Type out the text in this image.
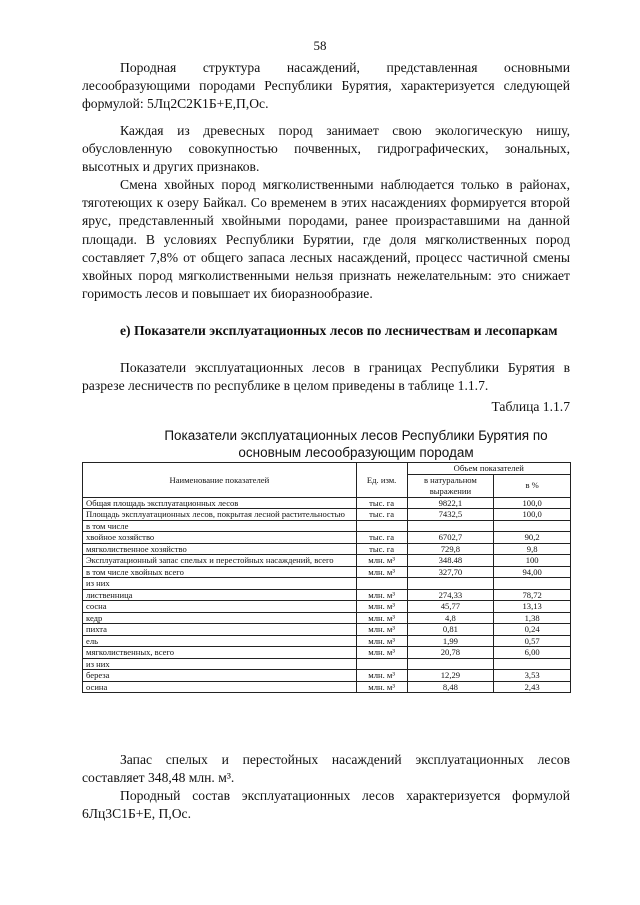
58

Породная структура насаждений, представленная основными лесообразующими породами Республики Бурятия, характеризуется следующей формулой: 5Лц2С2К1Б+Е,П,Ос.

Каждая из древесных пород занимает свою экологическую нишу, обусловленную совокупностью почвенных, гидрографических, зональных, высотных и других признаков.

Смена хвойных пород мягколиственными наблюдается только в районах, тяготеющих к озеру Байкал. Со временем в этих насаждениях формируется второй ярус, представленный хвойными породами, ранее произраставшими на данной площади. В условиях Республики Бурятии, где доля мягколиственных пород составляет 7,8% от общего запаса лесных насаждений, процесс частичной смены хвойных пород мягколиственными нельзя признать нежелательным: это снижает горимость лесов и повышает их биоразнообразие.

е) Показатели эксплуатационных лесов по лесничествам и лесопаркам

Показатели эксплуатационных лесов в границах Республики Бурятия в разрезе лесничеств по республике в целом приведены в таблице 1.1.7.

Таблица 1.1.7
Показатели эксплуатационных лесов Республики Бурятия по
основным лесообразующим породам
Наименование показателей	Ед. изм.	Объем показателей	
		в натуральном выражении	в %
Общая площадь эксплуатационных лесов	тыс. га	9822,1	100,0
Площадь эксплуатационных лесов, покрытая лесной растительностью	тыс. га	7432,5	100,0
в том числе			
хвойное хозяйство	тыс. га	6702,7	90,2
мягколиственное хозяйство	тыс. га	729,8	9,8
Эксплуатационный запас спелых и перестойных насаждений, всего	млн. м³	348.48	100
в том числе хвойных всего	млн. м³	327,70	94,00
из них			
лиственница	млн. м³	274,33	78,72
сосна	млн. м³	45,77	13,13
кедр	млн. м³	4,8	1,38
пихта	млн. м³	0,81	0,24
ель	млн. м³	1,99	0,57
мягколиственных, всего	млн. м³	20,78	6,00
из них			
береза	млн. м³	12,29	3,53
осина	млн. м³	8,48	2,43

Запас спелых и перестойных насаждений эксплуатационных лесов составляет 348,48 млн. м³.

Породный состав эксплуатационных лесов характеризуется формулой 6Лц3С1Б+Е, П,Ос.
